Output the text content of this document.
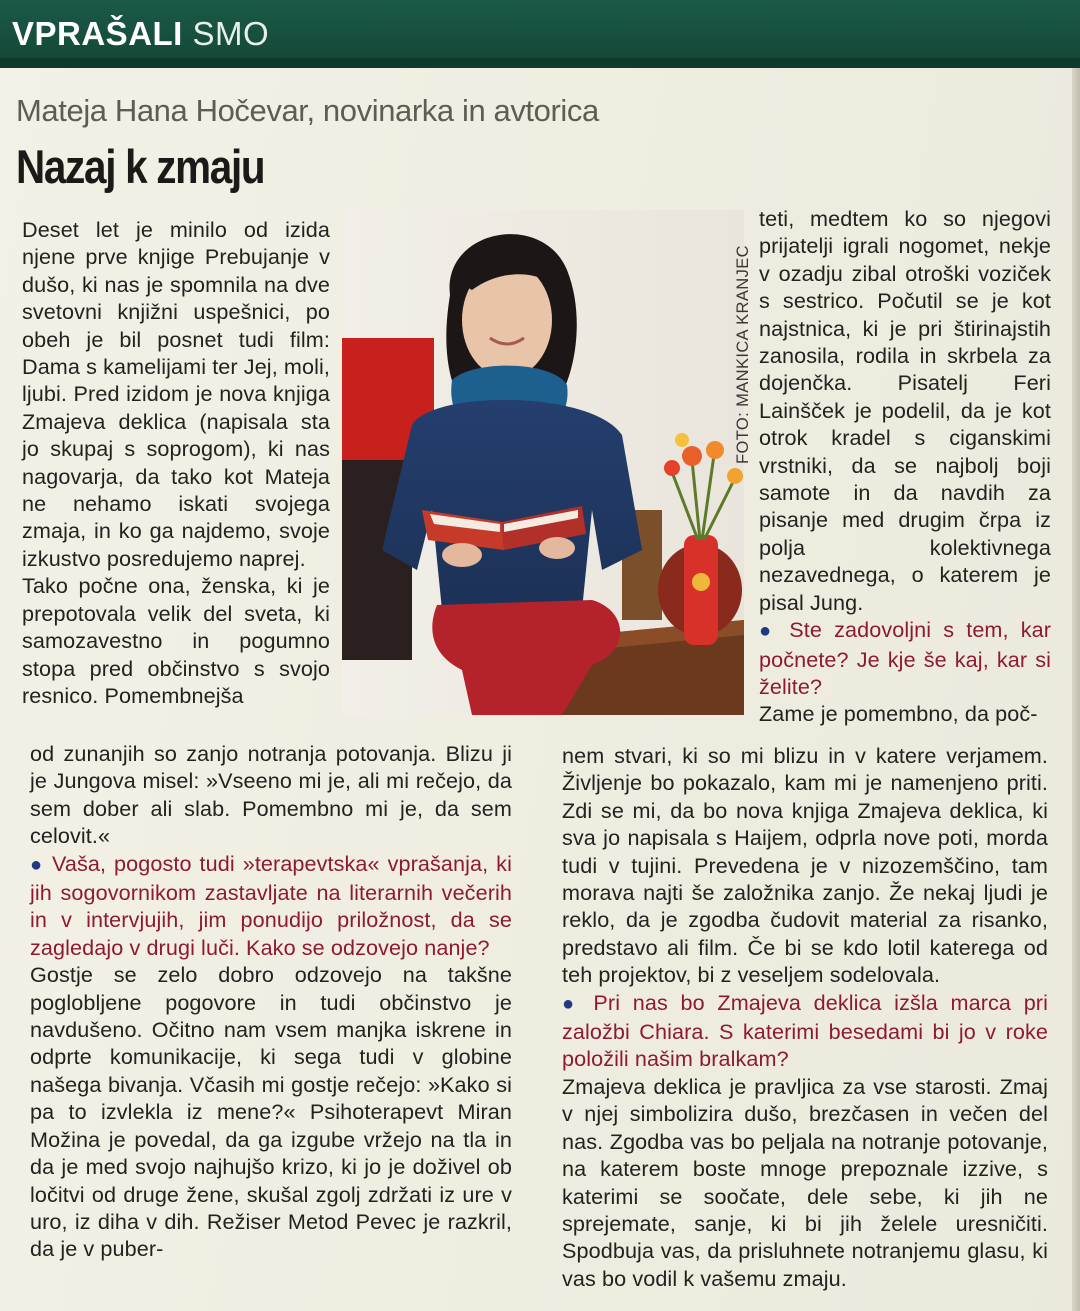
VPRAŠALI SMO
Mateja Hana Hočevar, novinarka in avtorica
Nazaj k zmaju

Deset let je minilo od izida njene prve knjige Prebujanje v dušo, ki nas je spomnila na dve svetovni knjižni uspešnici, po obeh je bil posnet tudi film: Dama s kamelijami ter Jej, moli, ljubi. Pred izidom je nova knjiga Zmajeva deklica (napisala sta jo skupaj s soprogom), ki nas nagovarja, da tako kot Mateja ne nehamo iskati svojega zmaja, in ko ga najdemo, svoje izkustvo posredujemo naprej.

Tako počne ona, ženska, ki je prepotovala velik del sveta, ki samozavestno in pogumno stopa pred občinstvo s svojo resnico. Pomembnejša

FOTO: MANKICA KRANJEC

teti, medtem ko so njegovi prijatelji igrali nogomet, nekje v ozadju zibal otroški voziček s sestrico. Počutil se je kot najstnica, ki je pri štirinajstih zanosila, rodila in skrbela za dojenčka. Pisatelj Feri Lainšček je podelil, da je kot otrok kradel s ciganskimi vrstniki, da se najbolj boji samote in da navdih za pisanje med drugim črpa iz polja kolektivnega nezavednega, o katerem je pisal Jung.

● Ste zadovoljni s tem, kar počnete? Je kje še kaj, kar si želite?

Zame je pomembno, da poč-

od zunanjih so zanjo notranja potovanja. Blizu ji je Jungova misel: »Vseeno mi je, ali mi rečejo, da sem dober ali slab. Pomembno mi je, da sem celovit.«

● Vaša, pogosto tudi »terapevtska« vprašanja, ki jih sogovornikom zastavljate na literarnih večerih in v intervjujih, jim ponudijo priložnost, da se zagledajo v drugi luči. Kako se odzovejo nanje?

Gostje se zelo dobro odzovejo na takšne poglobljene pogovore in tudi občinstvo je navdušeno. Očitno nam vsem manjka iskrene in odprte komunikacije, ki sega tudi v globine našega bivanja. Včasih mi gostje rečejo: »Kako si pa to izvlekla iz mene?« Psihoterapevt Miran Možina je povedal, da ga izgube vržejo na tla in da je med svojo najhujšo krizo, ki jo je doživel ob ločitvi od druge žene, skušal zgolj zdržati iz ure v uro, iz diha v dih. Režiser Metod Pevec je razkril, da je v puber-

nem stvari, ki so mi blizu in v katere verjamem. Življenje bo pokazalo, kam mi je namenjeno priti. Zdi se mi, da bo nova knjiga Zmajeva deklica, ki sva jo napisala s Haijem, odprla nove poti, morda tudi v tujini. Prevedena je v nizozemščino, tam morava najti še založnika zanjo. Že nekaj ljudi je reklo, da je zgodba čudovit material za risanko, predstavo ali film. Če bi se kdo lotil katerega od teh projektov, bi z veseljem sodelovala.

● Pri nas bo Zmajeva deklica izšla marca pri založbi Chiara. S katerimi besedami bi jo v roke položili našim bralkam?

Zmajeva deklica je pravljica za vse starosti. Zmaj v njej simbolizira dušo, brezčasen in večen del nas. Zgodba vas bo peljala na notranje potovanje, na katerem boste mnoge prepoznale izzive, s katerimi se soočate, dele sebe, ki jih ne sprejemate, sanje, ki bi jih želele uresničiti. Spodbuja vas, da prisluhnete notranjemu glasu, ki vas bo vodil k vašemu zmaju.
